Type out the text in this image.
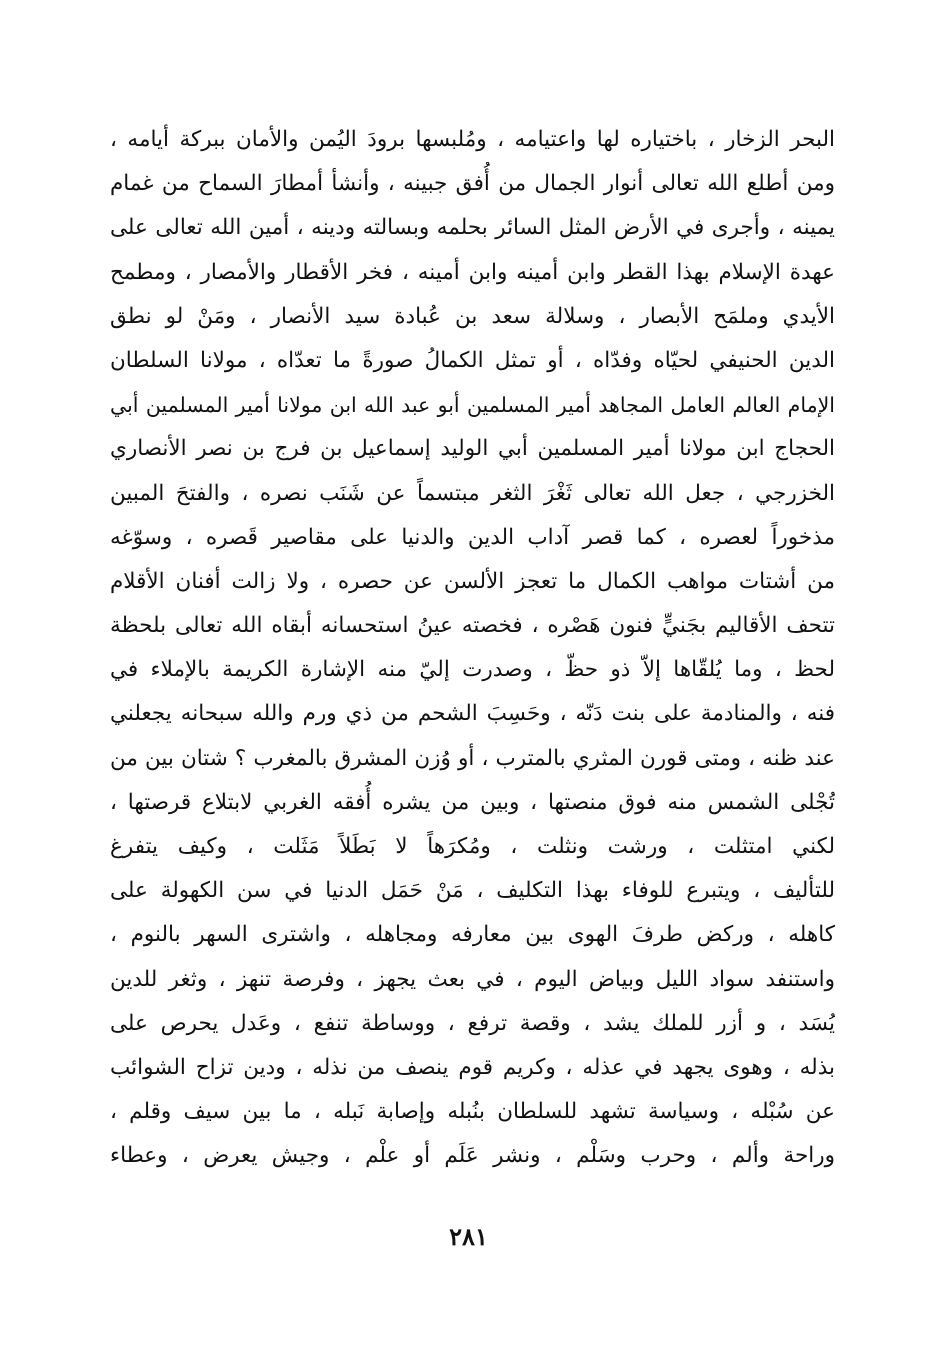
البحر الزخار ، باختياره لها واعتيامه ، ومُلبسها برودَ اليُمن والأمان ببركة أيامه ،
ومن أطلع الله تعالى أنوار الجمال من أُفق جبينه ، وأنشأ أمطارَ السماح من غمام
يمينه ، وأجرى في الأرض المثل السائر بحلمه وبسالته ودينه ، أمين الله تعالى على
عهدة الإسلام بهذا القطر وابن أمينه وابن أمينه ، فخر الأقطار والأمصار ، ومطمح
الأيدي وملمَح الأبصار ، وسلالة سعد بن عُبادة سيد الأنصار ، ومَنْ لو نطق
الدين الحنيفي لحيّاه وفدّاه ، أو تمثل الكمالُ صورةً ما تعدّاه ، مولانا السلطان
الإمام العالم العامل المجاهد أمير المسلمين أبو عبد الله ابن مولانا أمير المسلمين أبي
الحجاج ابن مولانا أمير المسلمين أبي الوليد إسماعيل بن فرج بن نصر الأنصاري
الخزرجي ، جعل الله تعالى ثَغْرَ الثغر مبتسماً عن شَنَب نصره ، والفتحَ المبين
مذخوراً لعصره ، كما قصر آداب الدين والدنيا على مقاصير قَصره ، وسوّغه
من أشتات مواهب الكمال ما تعجز الألسن عن حصره ، ولا زالت أفنان الأقلام
تتحف الأقاليم بجَنيٍّ فنون هَصْره ، فخصته عينُ استحسانه أبقاه الله تعالى بلحظة
لحظ ، وما يُلقّاها إلاّ ذو حظّ ، وصدرت إليّ منه الإشارة الكريمة بالإملاء في
فنه ، والمنادمة على بنت دَنّه ، وحَسِبَ الشحم من ذي ورم والله سبحانه يجعلني
عند ظنه ، ومتى قورن المثري بالمترب ، أو وُزن المشرق بالمغرب ؟ شتان بين من
تُجْلى الشمس منه فوق منصتها ، وبين من يشره أُفقه الغربي لابتلاع قرصتها ،
لكني امتثلت ، ورشت ونثلت ، ومُكرَهاً لا بَطَلاً مَثَلت ، وكيف يتفرغ
للتأليف ، ويتبرع للوفاء بهذا التكليف ، مَنْ حَمَل الدنيا في سن الكهولة على
كاهله ، وركض طرفَ الهوى بين معارفه ومجاهله ، واشترى السهر بالنوم ،
واستنفد سواد الليل وبياض اليوم ، في بعث يجهز ، وفرصة تنهز ، وثغر للدين
يُسَد ، و أزر للملك يشد ، وقصة ترفع ، ووساطة تنفع ، وعَدل يحرص على
بذله ، وهوى يجهد في عذله ، وكريم قوم ينصف من نذله ، ودين تزاح الشوائب
عن سُبْله ، وسياسة تشهد للسلطان بنُبله وإصابة نَبله ، ما بين سيف وقلم ،
وراحة وألم ، وحرب وسَلْم ، ونشر عَلَم أو علْم ، وجيش يعرض ، وعطاء
٢٨١
